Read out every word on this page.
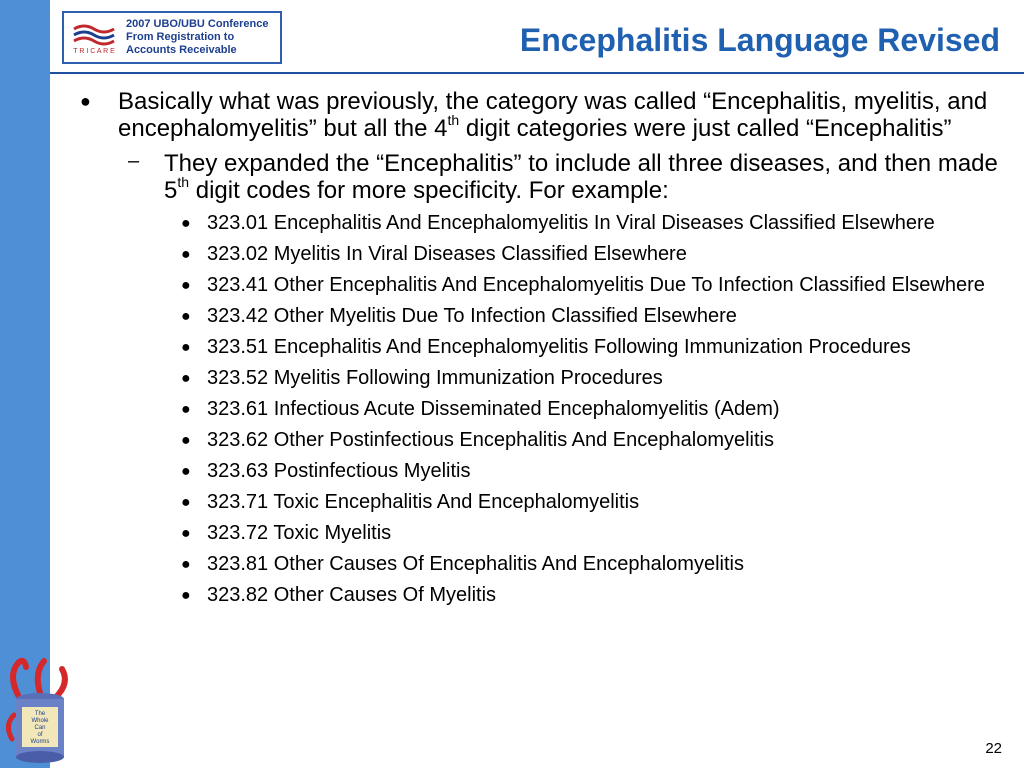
T R I C A R E
2007 UBO/UBU Conference
From Registration to
Accounts Receivable	Encephalitis Language Revised
● Basically what was previously, the category was called “Encephalitis, myelitis, and encephalomyelitis” but all the 4th digit categories were just called “Encephalitis”
– They expanded the “Encephalitis” to include all three diseases, and then made 5th digit codes for more specificity. For example:
● 323.01 Encephalitis And Encephalomyelitis In Viral Diseases Classified Elsewhere
● 323.02 Myelitis In Viral Diseases Classified Elsewhere
● 323.41 Other Encephalitis And Encephalomyelitis Due To Infection Classified Elsewhere
● 323.42 Other Myelitis Due To Infection Classified Elsewhere
● 323.51 Encephalitis And Encephalomyelitis Following Immunization Procedures
● 323.52 Myelitis Following Immunization Procedures
● 323.61 Infectious Acute Disseminated Encephalomyelitis (Adem)
● 323.62 Other Postinfectious Encephalitis And Encephalomyelitis
● 323.63 Postinfectious Myelitis
● 323.71 Toxic Encephalitis And Encephalomyelitis
● 323.72 Toxic Myelitis
● 323.81 Other Causes Of Encephalitis And Encephalomyelitis
● 323.82 Other Causes Of Myelitis
The
Whole
Can
of
Worms	22
